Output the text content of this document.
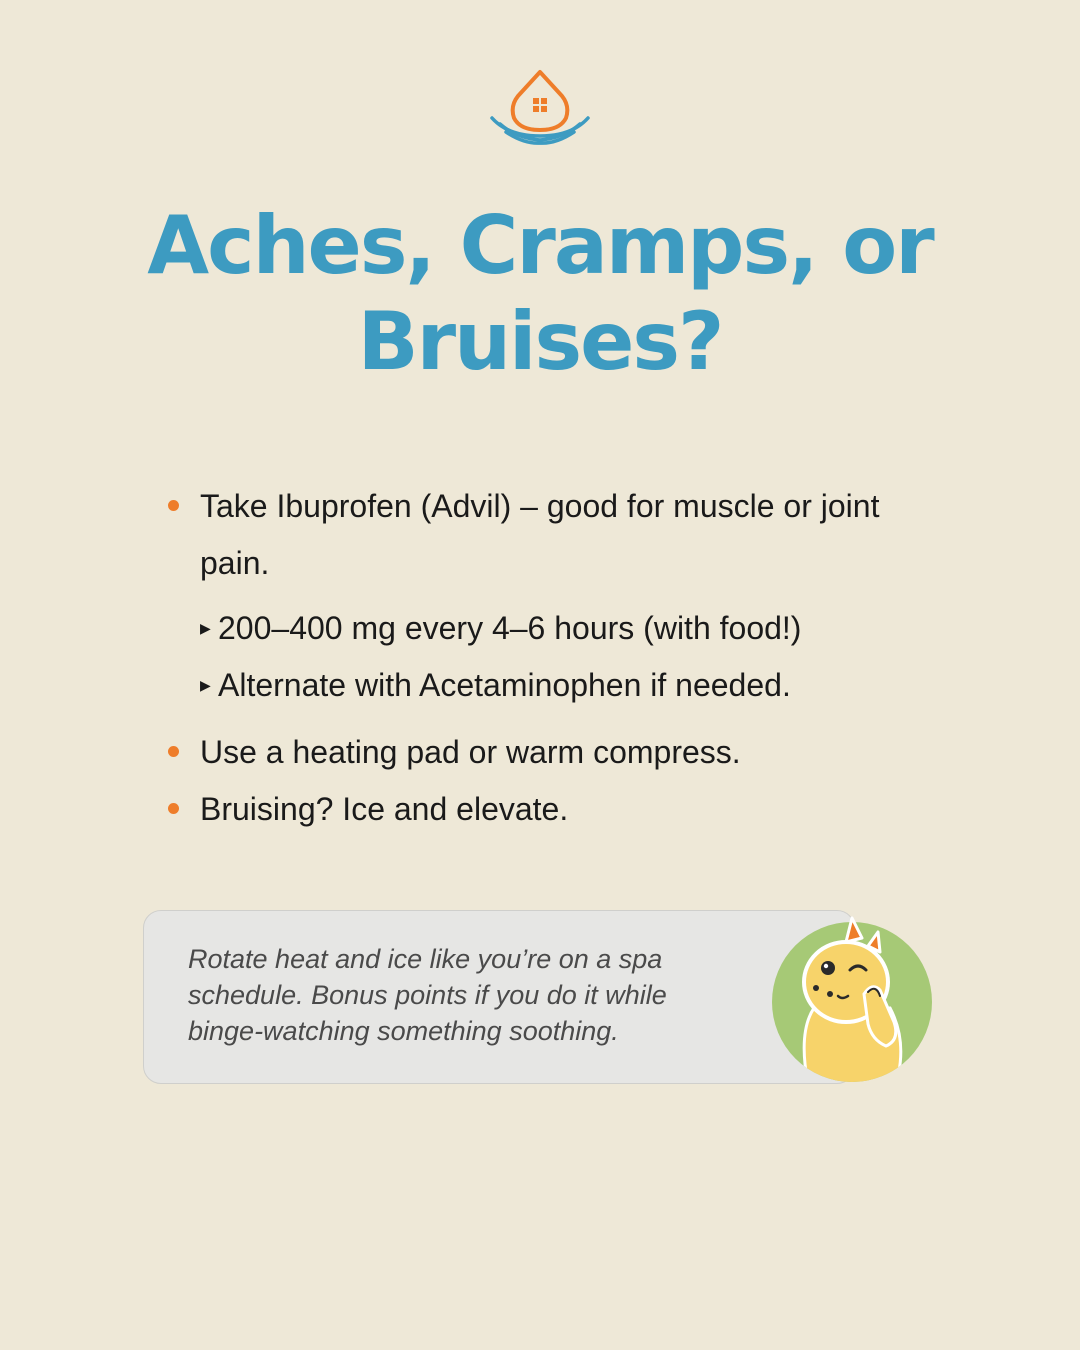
Aches, Cramps, or Bruises?
Take Ibuprofen (Advil) – good for muscle or joint pain.
▶ 200–400 mg every 4–6 hours (with food!)
▶ Alternate with Acetaminophen if needed.
Use a heating pad or warm compress.
Bruising? Ice and elevate.

Rotate heat and ice like you’re on a spa schedule. Bonus points if you do it while binge-watching something soothing.
